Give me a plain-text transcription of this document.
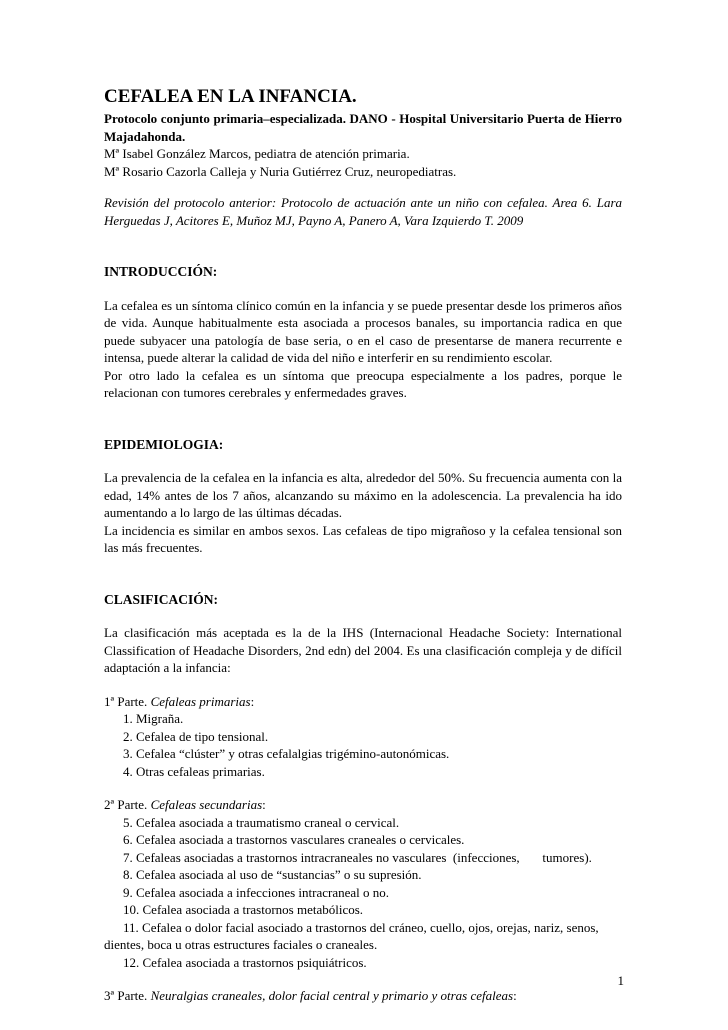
CEFALEA EN LA INFANCIA.

Protocolo conjunto primaria–especializada. DANO - Hospital Universitario Puerta de Hierro Majadahonda.

Mª Isabel González Marcos, pediatra de atención primaria.

Mª Rosario Cazorla Calleja y Nuria Gutiérrez Cruz, neuropediatras.

Revisión del protocolo anterior: Protocolo de actuación ante un niño con cefalea. Area 6. Lara Herguedas J, Acitores E, Muñoz MJ, Payno A, Panero A, Vara Izquierdo T. 2009

INTRODUCCIÓN:

La cefalea es un síntoma clínico común en la infancia y se puede presentar desde los primeros años de vida. Aunque habitualmente esta asociada a procesos banales, su importancia radica en que puede subyacer una patología de base seria, o en el caso de presentarse de manera recurrente e intensa, puede alterar la calidad de vida del niño e interferir en su rendimiento escolar.

Por otro lado la cefalea es un síntoma que preocupa especialmente a los padres, porque le relacionan con tumores cerebrales y enfermedades graves.

EPIDEMIOLOGIA:

La prevalencia de la cefalea en la infancia es alta, alrededor del 50%. Su frecuencia aumenta con la edad, 14% antes de los 7 años, alcanzando su máximo en la adolescencia. La prevalencia ha ido aumentando a lo largo de las últimas décadas.

La incidencia es similar en ambos sexos. Las cefaleas de tipo migrañoso y la cefalea tensional son las más frecuentes.

CLASIFICACIÓN:

La clasificación más aceptada es la de la IHS (Internacional Headache Society: International Classification of Headache Disorders, 2nd edn) del 2004. Es una clasificación compleja y de difícil adaptación a la infancia:

1ª Parte. Cefaleas primarias:

1. Migraña.
2. Cefalea de tipo tensional.
3. Cefalea “clúster” y otras cefalalgias trigémino-autonómicas.
4. Otras cefaleas primarias.

2ª Parte. Cefaleas secundarias:

5. Cefalea asociada a traumatismo craneal o cervical.
6. Cefalea asociada a trastornos vasculares craneales o cervicales.
7. Cefaleas asociadas a trastornos intracraneales no vasculares  (infecciones,       tumores).
8. Cefalea asociada al uso de “sustancias” o su supresión.
9. Cefalea asociada a infecciones intracraneal o no.
10. Cefalea asociada a trastornos metabólicos.
11. Cefalea o dolor facial asociado a trastornos del cráneo, cuello, ojos, orejas, nariz, senos, dientes, boca u otras estructures faciales o craneales.
12. Cefalea asociada a trastornos psiquiátricos.

3ª Parte. Neuralgias craneales, dolor facial central y primario y otras cefaleas:

1
